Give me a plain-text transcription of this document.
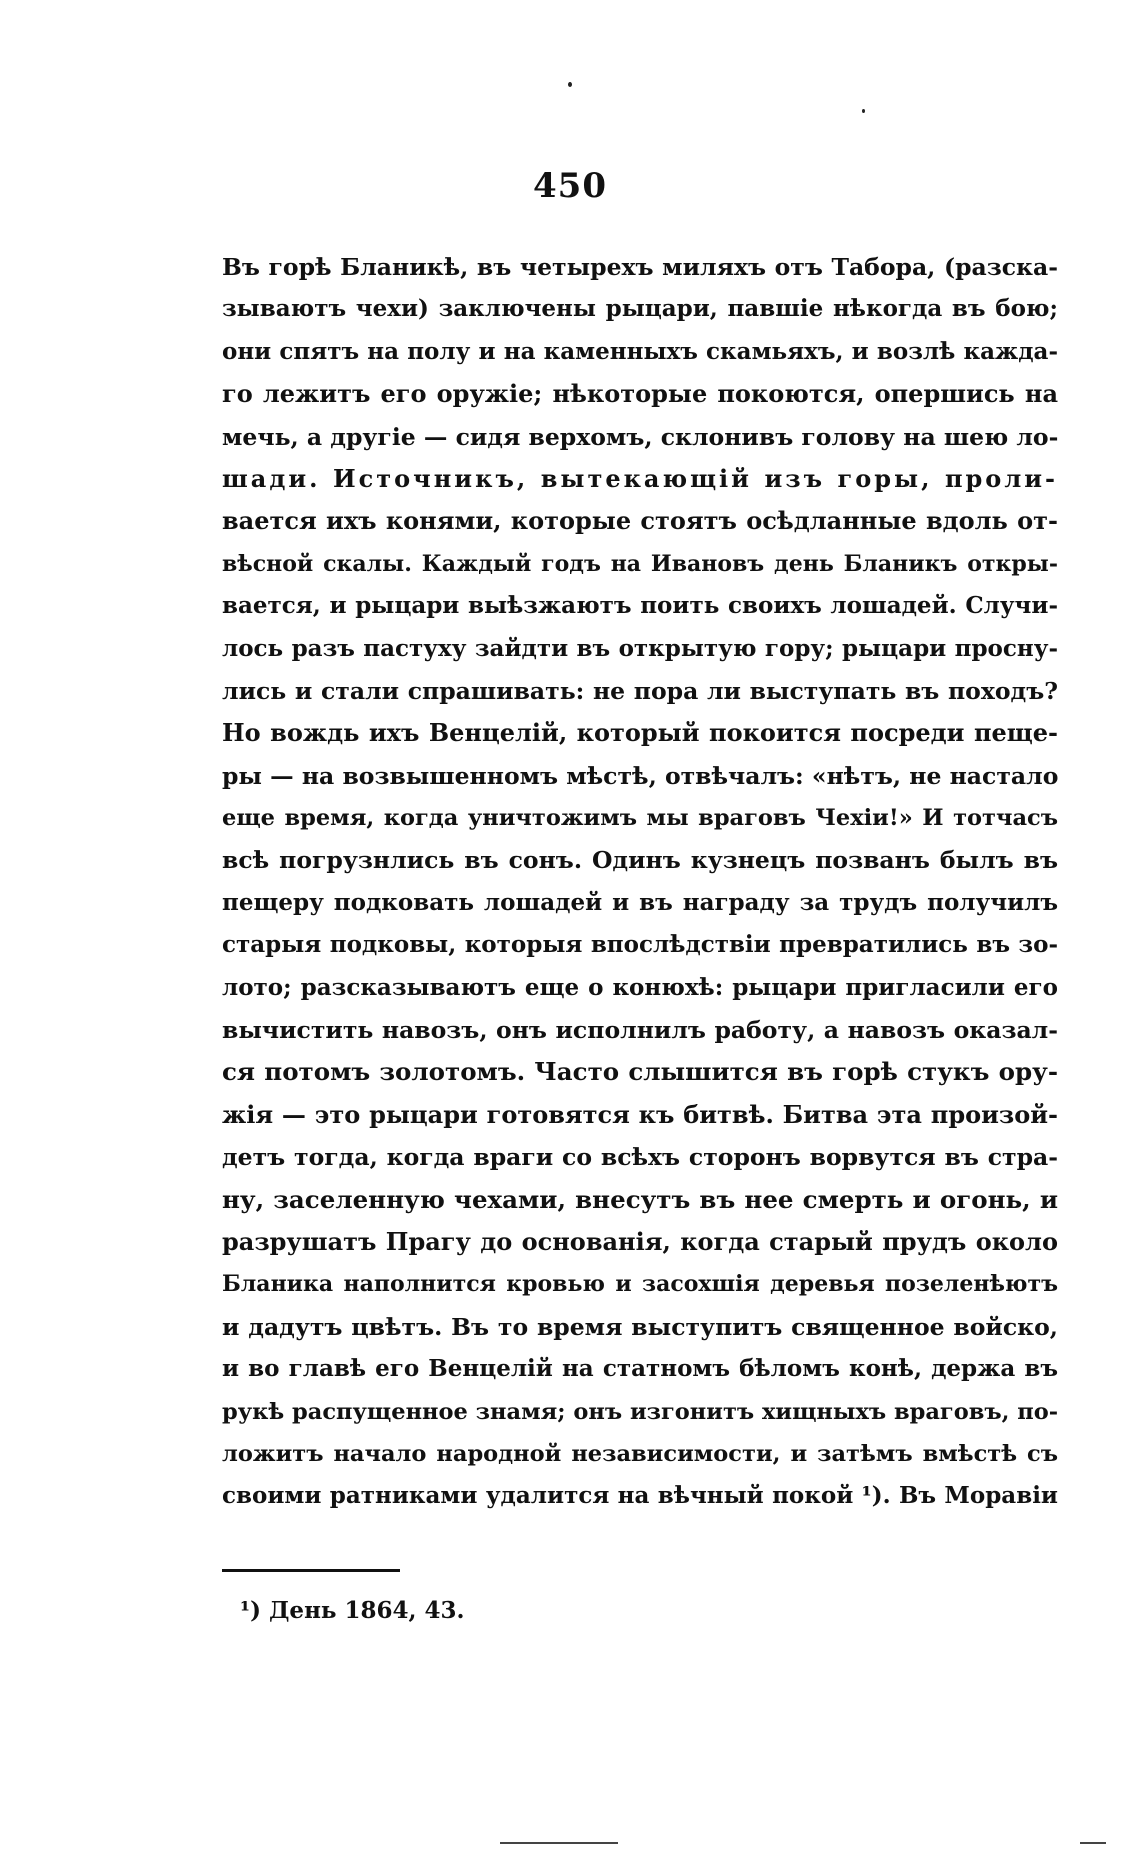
450

Въ горѣ Бланикѣ, въ четырехъ миляхъ отъ Табора, (разска-
зываютъ чехи) заключены рыцари, павшіе нѣкогда въ бою;
они спятъ на полу и на каменныхъ скамьяхъ, и возлѣ кажда-
го лежитъ его оружіе; нѣкоторые покоются, опершись на
мечь, а другіе — сидя верхомъ, склонивъ голову на шею ло-
шади. Источникъ, вытекающій изъ горы, проли-
вается ихъ конями, которые стоятъ осѣдланные вдоль от-
вѣсной скалы. Каждый годъ на Ивановъ день Бланикъ откры-
вается, и рыцари выѣзжаютъ поить своихъ лошадей. Случи-
лось разъ пастуху зайдти въ открытую гору; рыцари просну-
лись и стали спрашивать: не пора ли выступать въ походъ?
Но вождь ихъ Венцелій, который покоится посреди пеще-
ры — на возвышенномъ мѣстѣ, отвѣчалъ: «нѣтъ, не настало
еще время, когда уничтожимъ мы враговъ Чехіи!» И тотчасъ
всѣ погрузнлись въ сонъ. Одинъ кузнецъ позванъ былъ въ
пещеру подковать лошадей и въ награду за трудъ получилъ
старыя подковы, которыя впослѣдствіи превратились въ зо-
лото; разсказываютъ еще о конюхѣ: рыцари пригласили его
вычистить навозъ, онъ исполнилъ работу, а навозъ оказал-
ся потомъ золотомъ. Часто слышится въ горѣ стукъ ору-
жія — это рыцари готовятся къ битвѣ. Битва эта произой-
детъ тогда, когда враги со всѣхъ сторонъ ворвутся въ стра-
ну, заселенную чехами, внесутъ въ нее смерть и огонь, и
разрушатъ Прагу до основанія, когда старый прудъ около
Бланика наполнится кровью и засохшія деревья позеленѣютъ
и дадутъ цвѣтъ. Въ то время выступитъ священное войско,
и во главѣ его Венцелій на статномъ бѣломъ конѣ, держа въ
рукѣ распущенное знамя; онъ изгонитъ хищныхъ враговъ, по-
ложитъ начало народной независимости, и затѣмъ вмѣстѣ съ
своими ратниками удалится на вѣчный покой ¹). Въ Моравіи

¹) День 1864, 43.
